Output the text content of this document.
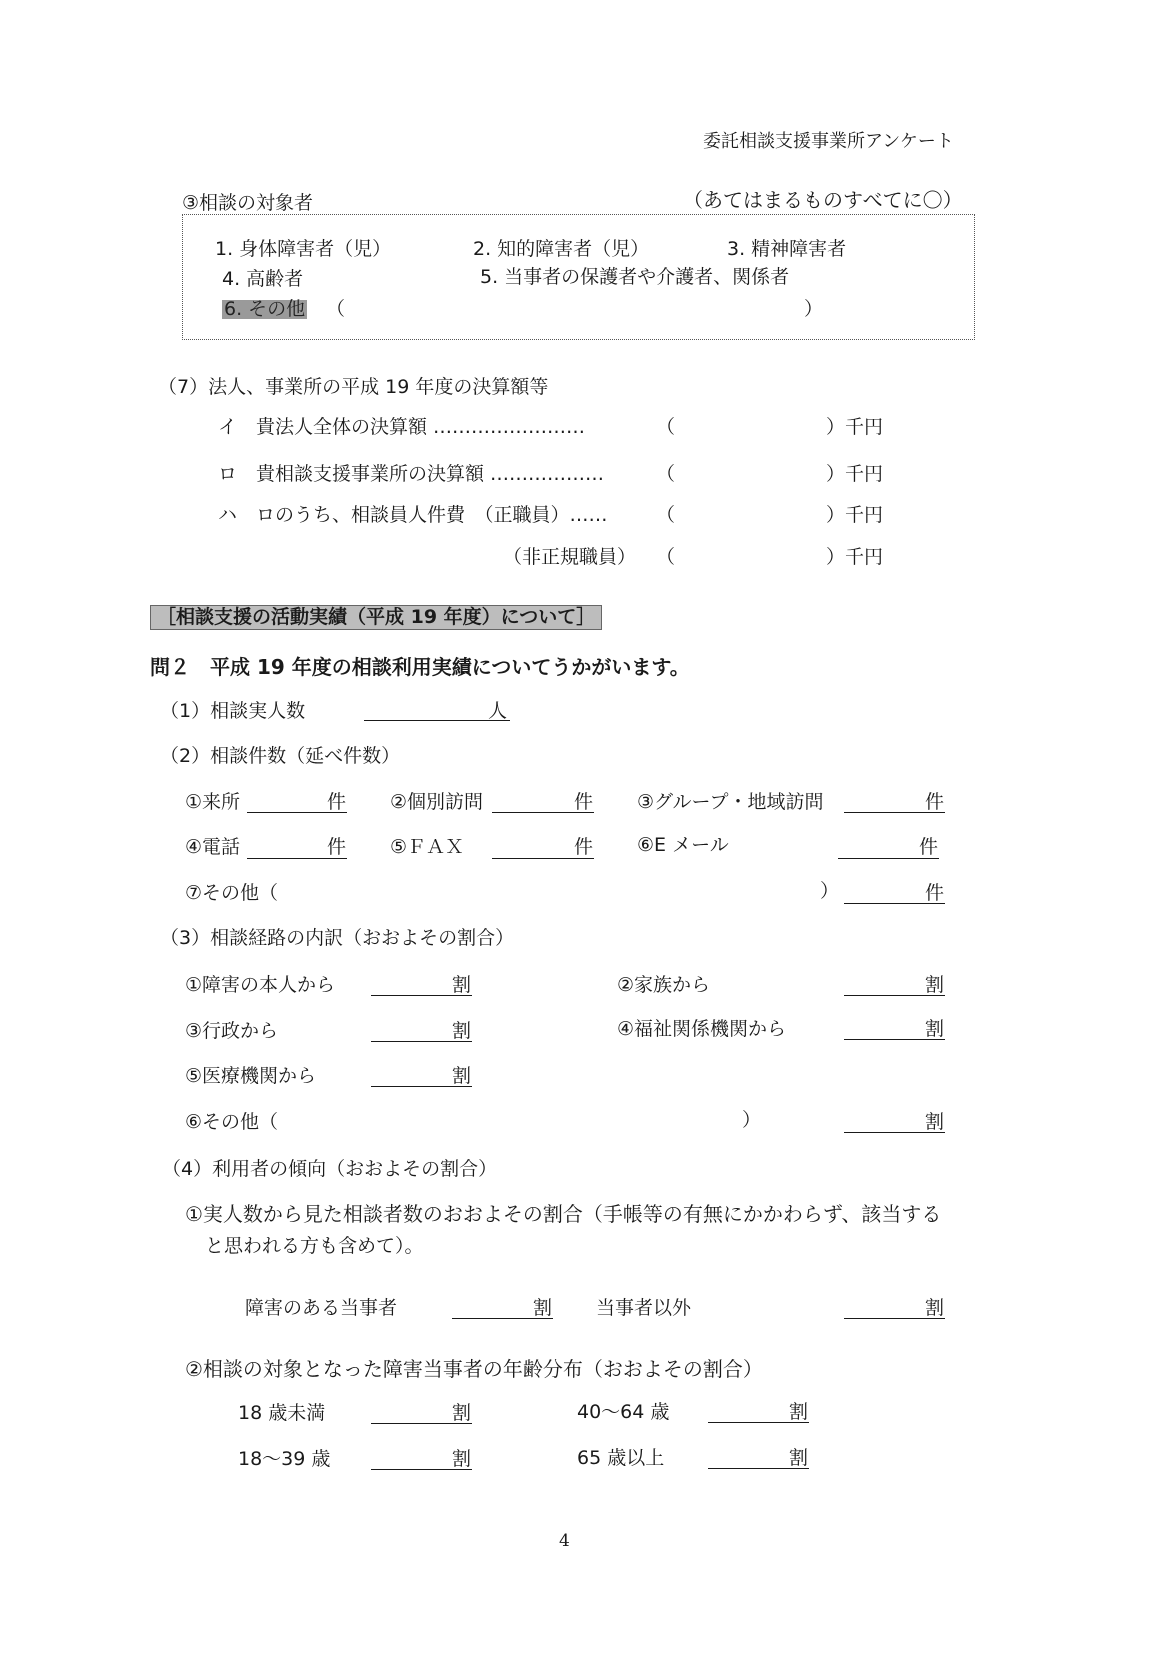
委託相談支援事業所アンケート
③相談の対象者	（あてはまるものすべてに〇）
1. 身体障害者（児）	2. 知的障害者（児）	3. 精神障害者
4. 高齢者	5. 当事者の保護者や介護者、関係者
6. その他 （	）
（7）法人、事業所の平成 19 年度の決算額等
イ　貴法人全体の決算額 ……………………	（	）千円
ロ　貴相談支援事業所の決算額 ………………	（	）千円
ハ　ロのうち、相談員人件費　（正職員）……	（	）千円
（非正規職員） （	）千円
［相談支援の活動実績（平成 19 年度）について］
問２　平成 19 年度の相談利用実績についてうかがいます。
（1）相談実人数	人
（2）相談件数（延べ件数）
①来所	件 ②個別訪問	件 ③グループ・地域訪問	件
④電話	件 ⑤ＦＡＸ	件 ⑥E メール	件
⑦その他（	）	件
（3）相談経路の内訳（おおよその割合）
①障害の本人から	割	②家族から	割
③行政から	割	④福祉関係機関から	割
⑤医療機関から	割
⑥その他（	）	割
（4）利用者の傾向（おおよその割合）
①実人数から見た相談者数のおおよその割合（手帳等の有無にかかわらず、該当する
と思われる方も含めて）。
障害のある当事者	割 当事者以外	割
②相談の対象となった障害当事者の年齢分布（おおよその割合）
18 歳未満	割	40～64 歳	割
18～39 歳	割	65 歳以上	割
4
